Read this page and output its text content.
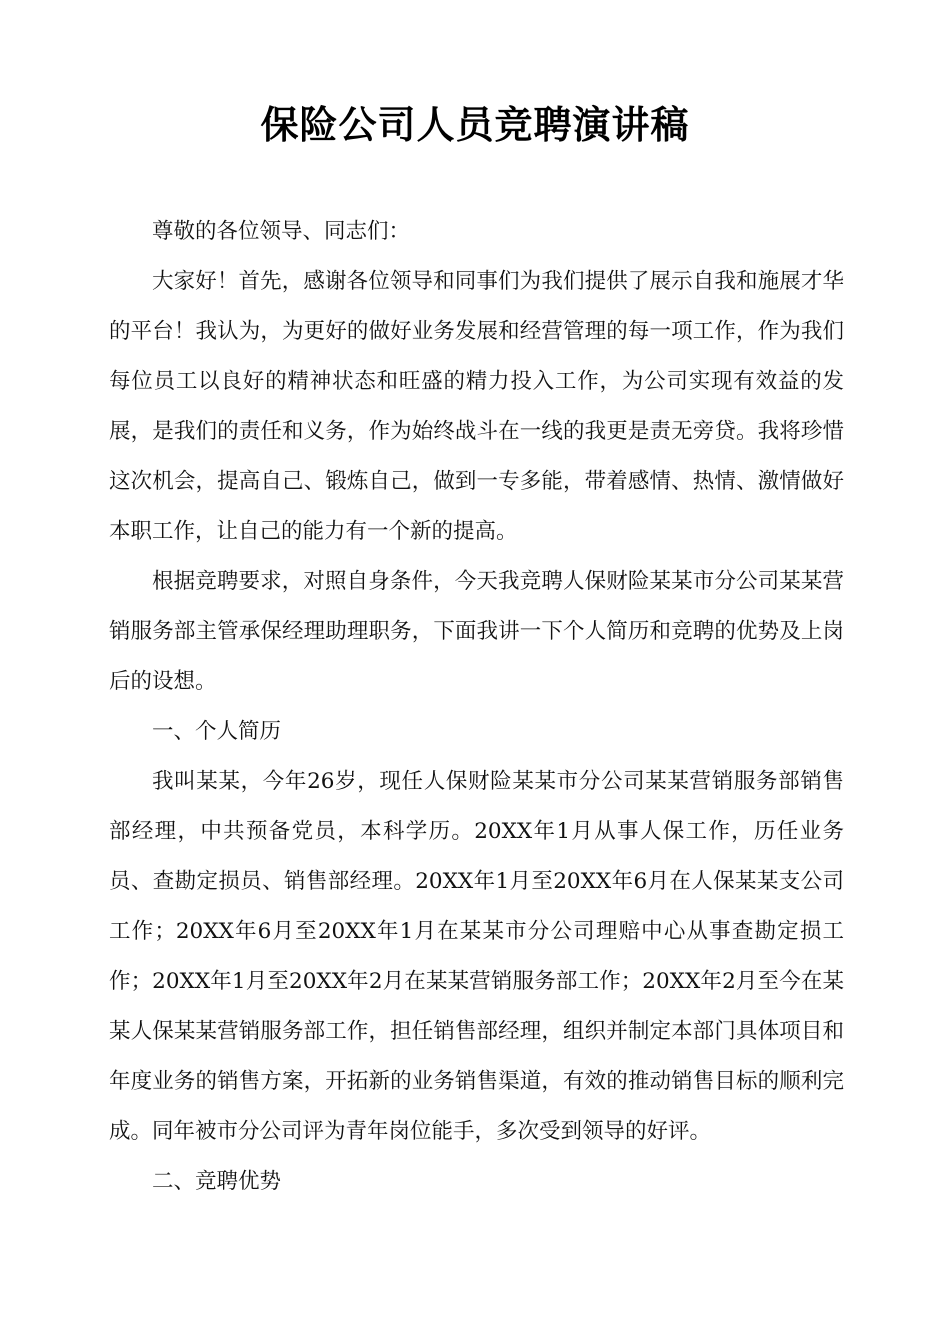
保险公司人员竞聘演讲稿

尊敬的各位领导、同志们：

大家好！首先，感谢各位领导和同事们为我们提供了展示自我和施展才华的平台！我认为，为更好的做好业务发展和经营管理的每一项工作，作为我们每位员工以良好的精神状态和旺盛的精力投入工作，为公司实现有效益的发展，是我们的责任和义务，作为始终战斗在一线的我更是责无旁贷。我将珍惜这次机会，提高自己、锻炼自己，做到一专多能，带着感情、热情、激情做好本职工作，让自己的能力有一个新的提高。

根据竞聘要求，对照自身条件，今天我竞聘人保财险某某市分公司某某营销服务部主管承保经理助理职务，下面我讲一下个人简历和竞聘的优势及上岗后的设想。

一、个人简历

我叫某某，今年26岁，现任人保财险某某市分公司某某营销服务部销售部经理，中共预备党员，本科学历。20XX年1月从事人保工作，历任业务员、查勘定损员、销售部经理。20XX年1月至20XX年6月在人保某某支公司工作；20XX年6月至20XX年1月在某某市分公司理赔中心从事查勘定损工作；20XX年1月至20XX年2月在某某营销服务部工作；20XX年2月至今在某某人保某某营销服务部工作，担任销售部经理，组织并制定本部门具体项目和年度业务的销售方案，开拓新的业务销售渠道，有效的推动销售目标的顺利完成。同年被市分公司评为青年岗位能手，多次受到领导的好评。

二、竞聘优势
